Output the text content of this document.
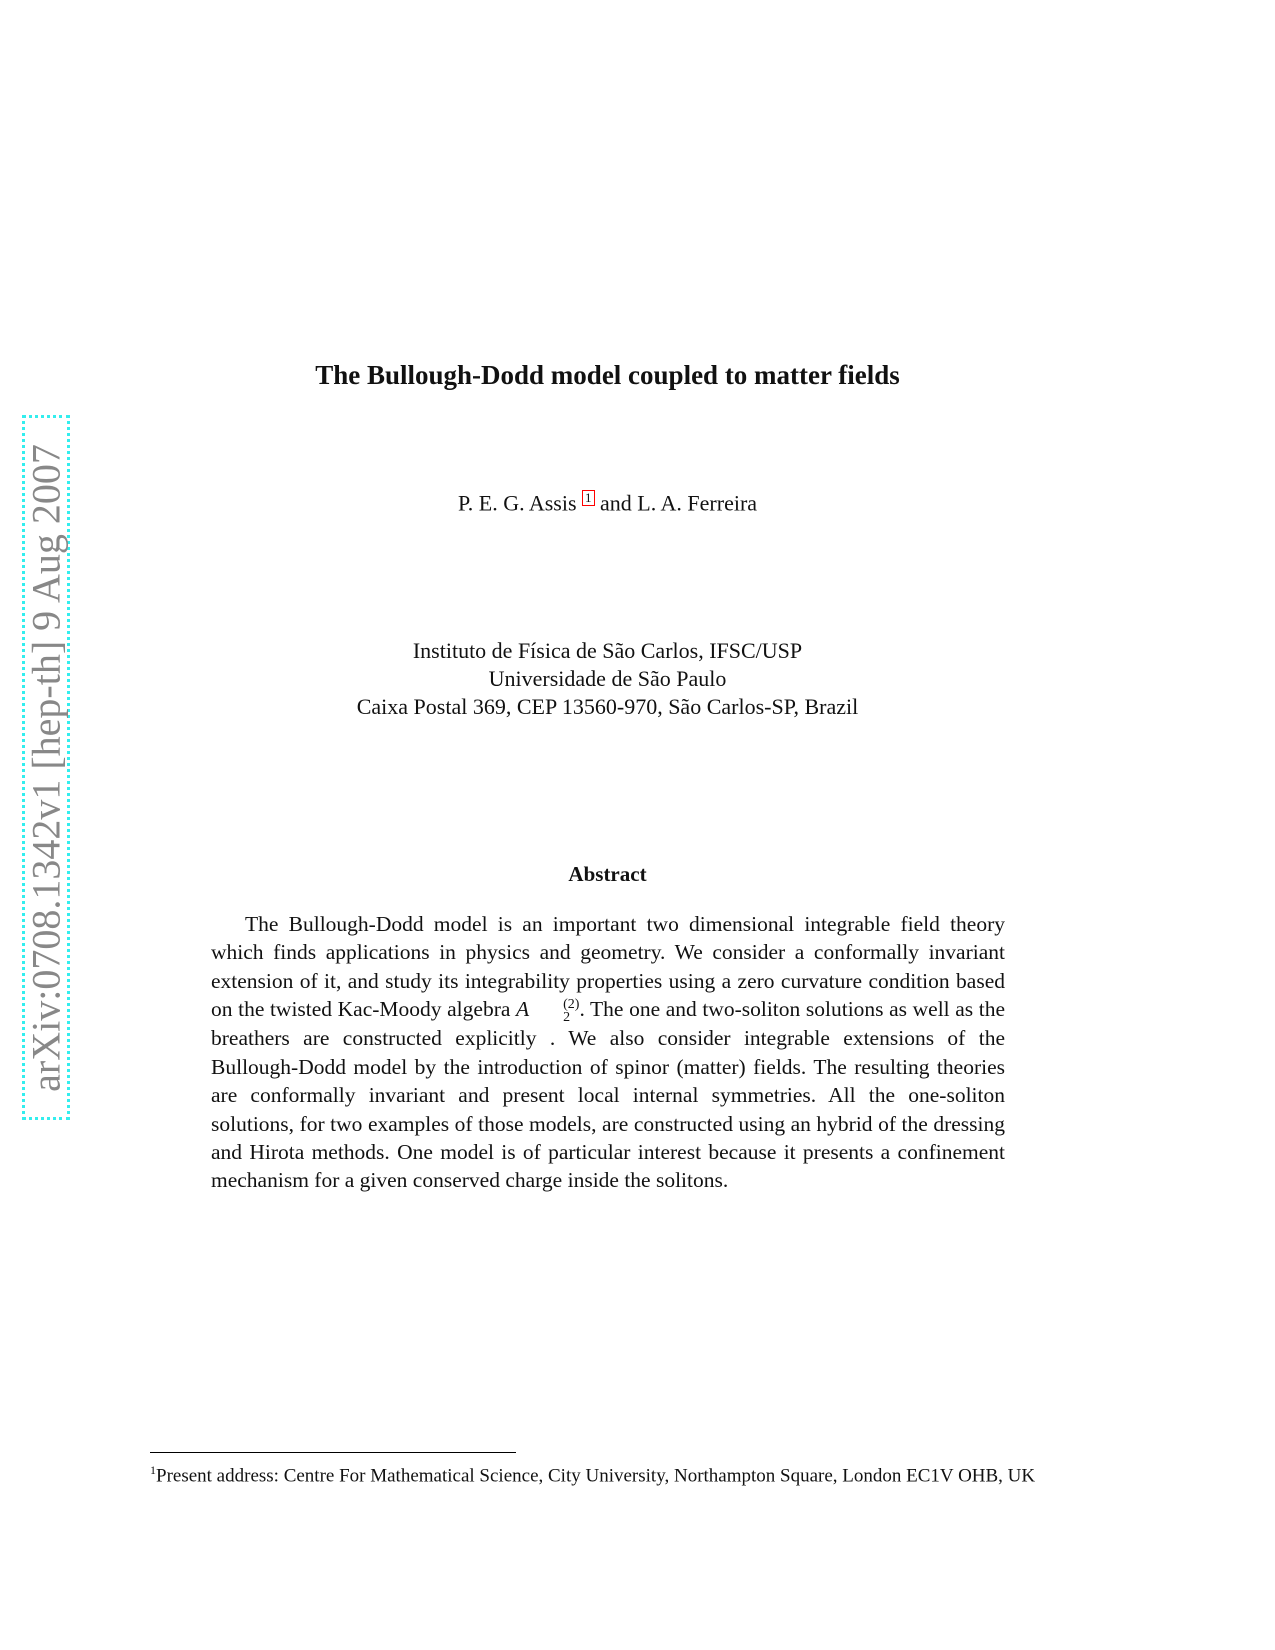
arXiv:0708.1342v1 [hep-th] 9 Aug 2007
The Bullough-Dodd model coupled to matter fields
P. E. G. Assis 1 and L. A. Ferreira
Instituto de Física de São Carlos, IFSC/USP
Universidade de São Paulo
Caixa Postal 369, CEP 13560-970, São Carlos-SP, Brazil
Abstract
The Bullough-Dodd model is an important two dimensional integrable field theory which finds applications in physics and geometry. We consider a conformally invariant extension of it, and study its integrability properties using a zero curvature condition based on the twisted Kac-Moody algebra A	(2)
2 . The one and two-soliton solutions as well as the breathers are constructed explicitly . We also consider integrable extensions of the Bullough-Dodd model by the introduction of spinor (matter) fields. The resulting theories are conformally invariant and present local internal symmetries. All the one-soliton solutions, for two examples of those models, are constructed using an hybrid of the dressing and Hirota methods. One model is of particular interest because it presents a confinement mechanism for a given conserved charge inside the solitons.
$^1$Present address: Centre For Mathematical Science, City University, Northampton Square, London EC1V OHB, UK
